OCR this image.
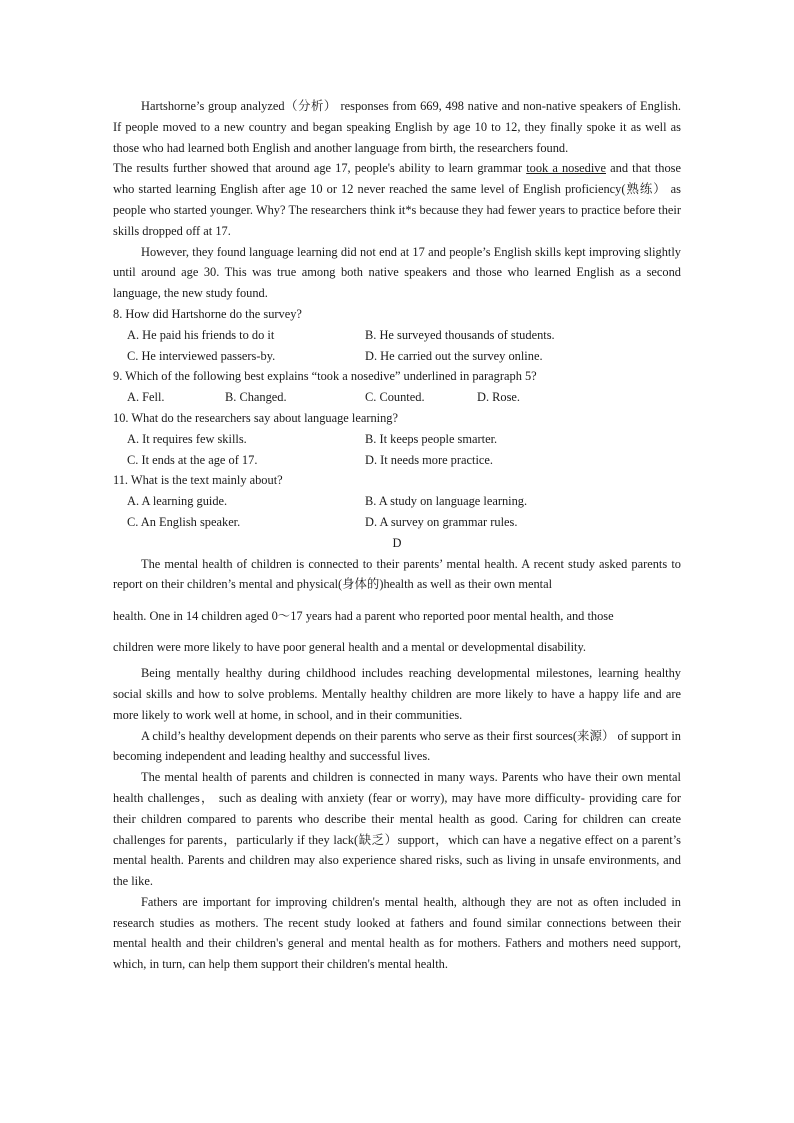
Hartshorne’s group analyzed（分析） responses from 669, 498 native and non-native speakers of English. If people moved to a new country and began speaking English by age 10 to 12, they finally spoke it as well as those who had learned both English and another language from birth, the researchers found.

The results further showed that around age 17, people's ability to learn grammar took a nosedive and that those who started learning English after age 10 or 12 never reached the same level of English proficiency(熟练） as people who started younger. Why? The researchers think it*s because they had fewer years to practice before their skills dropped off at 17.

However, they found language learning did not end at 17 and people’s English skills kept improving slightly until around age 30. This was true among both native speakers and those who learned English as a second language, the new study found.

8. How did Hartshorne do the survey?
A. He paid his friends to do it	B. He surveyed thousands of students.
C. He interviewed passers-by.	D. He carried out the survey online.
9. Which of the following best explains “took a nosedive” underlined in paragraph 5?
A. Fell.	B. Changed.	C. Counted.	D. Rose.
10. What do the researchers say about language learning?
A. It requires few skills.	B. It keeps people smarter.
C. It ends at the age of 17.	D. It needs more practice.
11. What is the text mainly about?
A. A learning guide.	B. A study on language learning.
C. An English speaker.	D. A survey on grammar rules.
D

The mental health of children is connected to their parents’ mental health. A recent study asked parents to report on their children’s mental and physical(身体的)health as well as their own mental

health. One in 14 children aged 0～17 years had a parent who reported poor mental health, and those

children were more likely to have poor general health and a mental or developmental disability.

Being mentally healthy during childhood includes reaching developmental milestones, learning healthy social skills and how to solve problems. Mentally healthy children are more likely to have a happy life and are more likely to work well at home, in school, and in their communities.

A child’s healthy development depends on their parents who serve as their first sources(来源） of support in becoming independent and leading healthy and successful lives.

The mental health of parents and children is connected in many ways. Parents who have their own mental health challenges， such as dealing with anxiety (fear or worry), may have more difficulty- providing care for their children compared to parents who describe their mental health as good. Caring for children can create challenges for parents，particularly if they lack(缺乏）support，which can have a negative effect on a parent’s mental health. Parents and children may also experience shared risks, such as living in unsafe environments, and the like.

Fathers are important for improving children's mental health, although they are not as often included in research studies as mothers. The recent study looked at fathers and found similar connections between their mental health and their children's general and mental health as for mothers. Fathers and mothers need support, which, in turn, can help them support their children's mental health.
